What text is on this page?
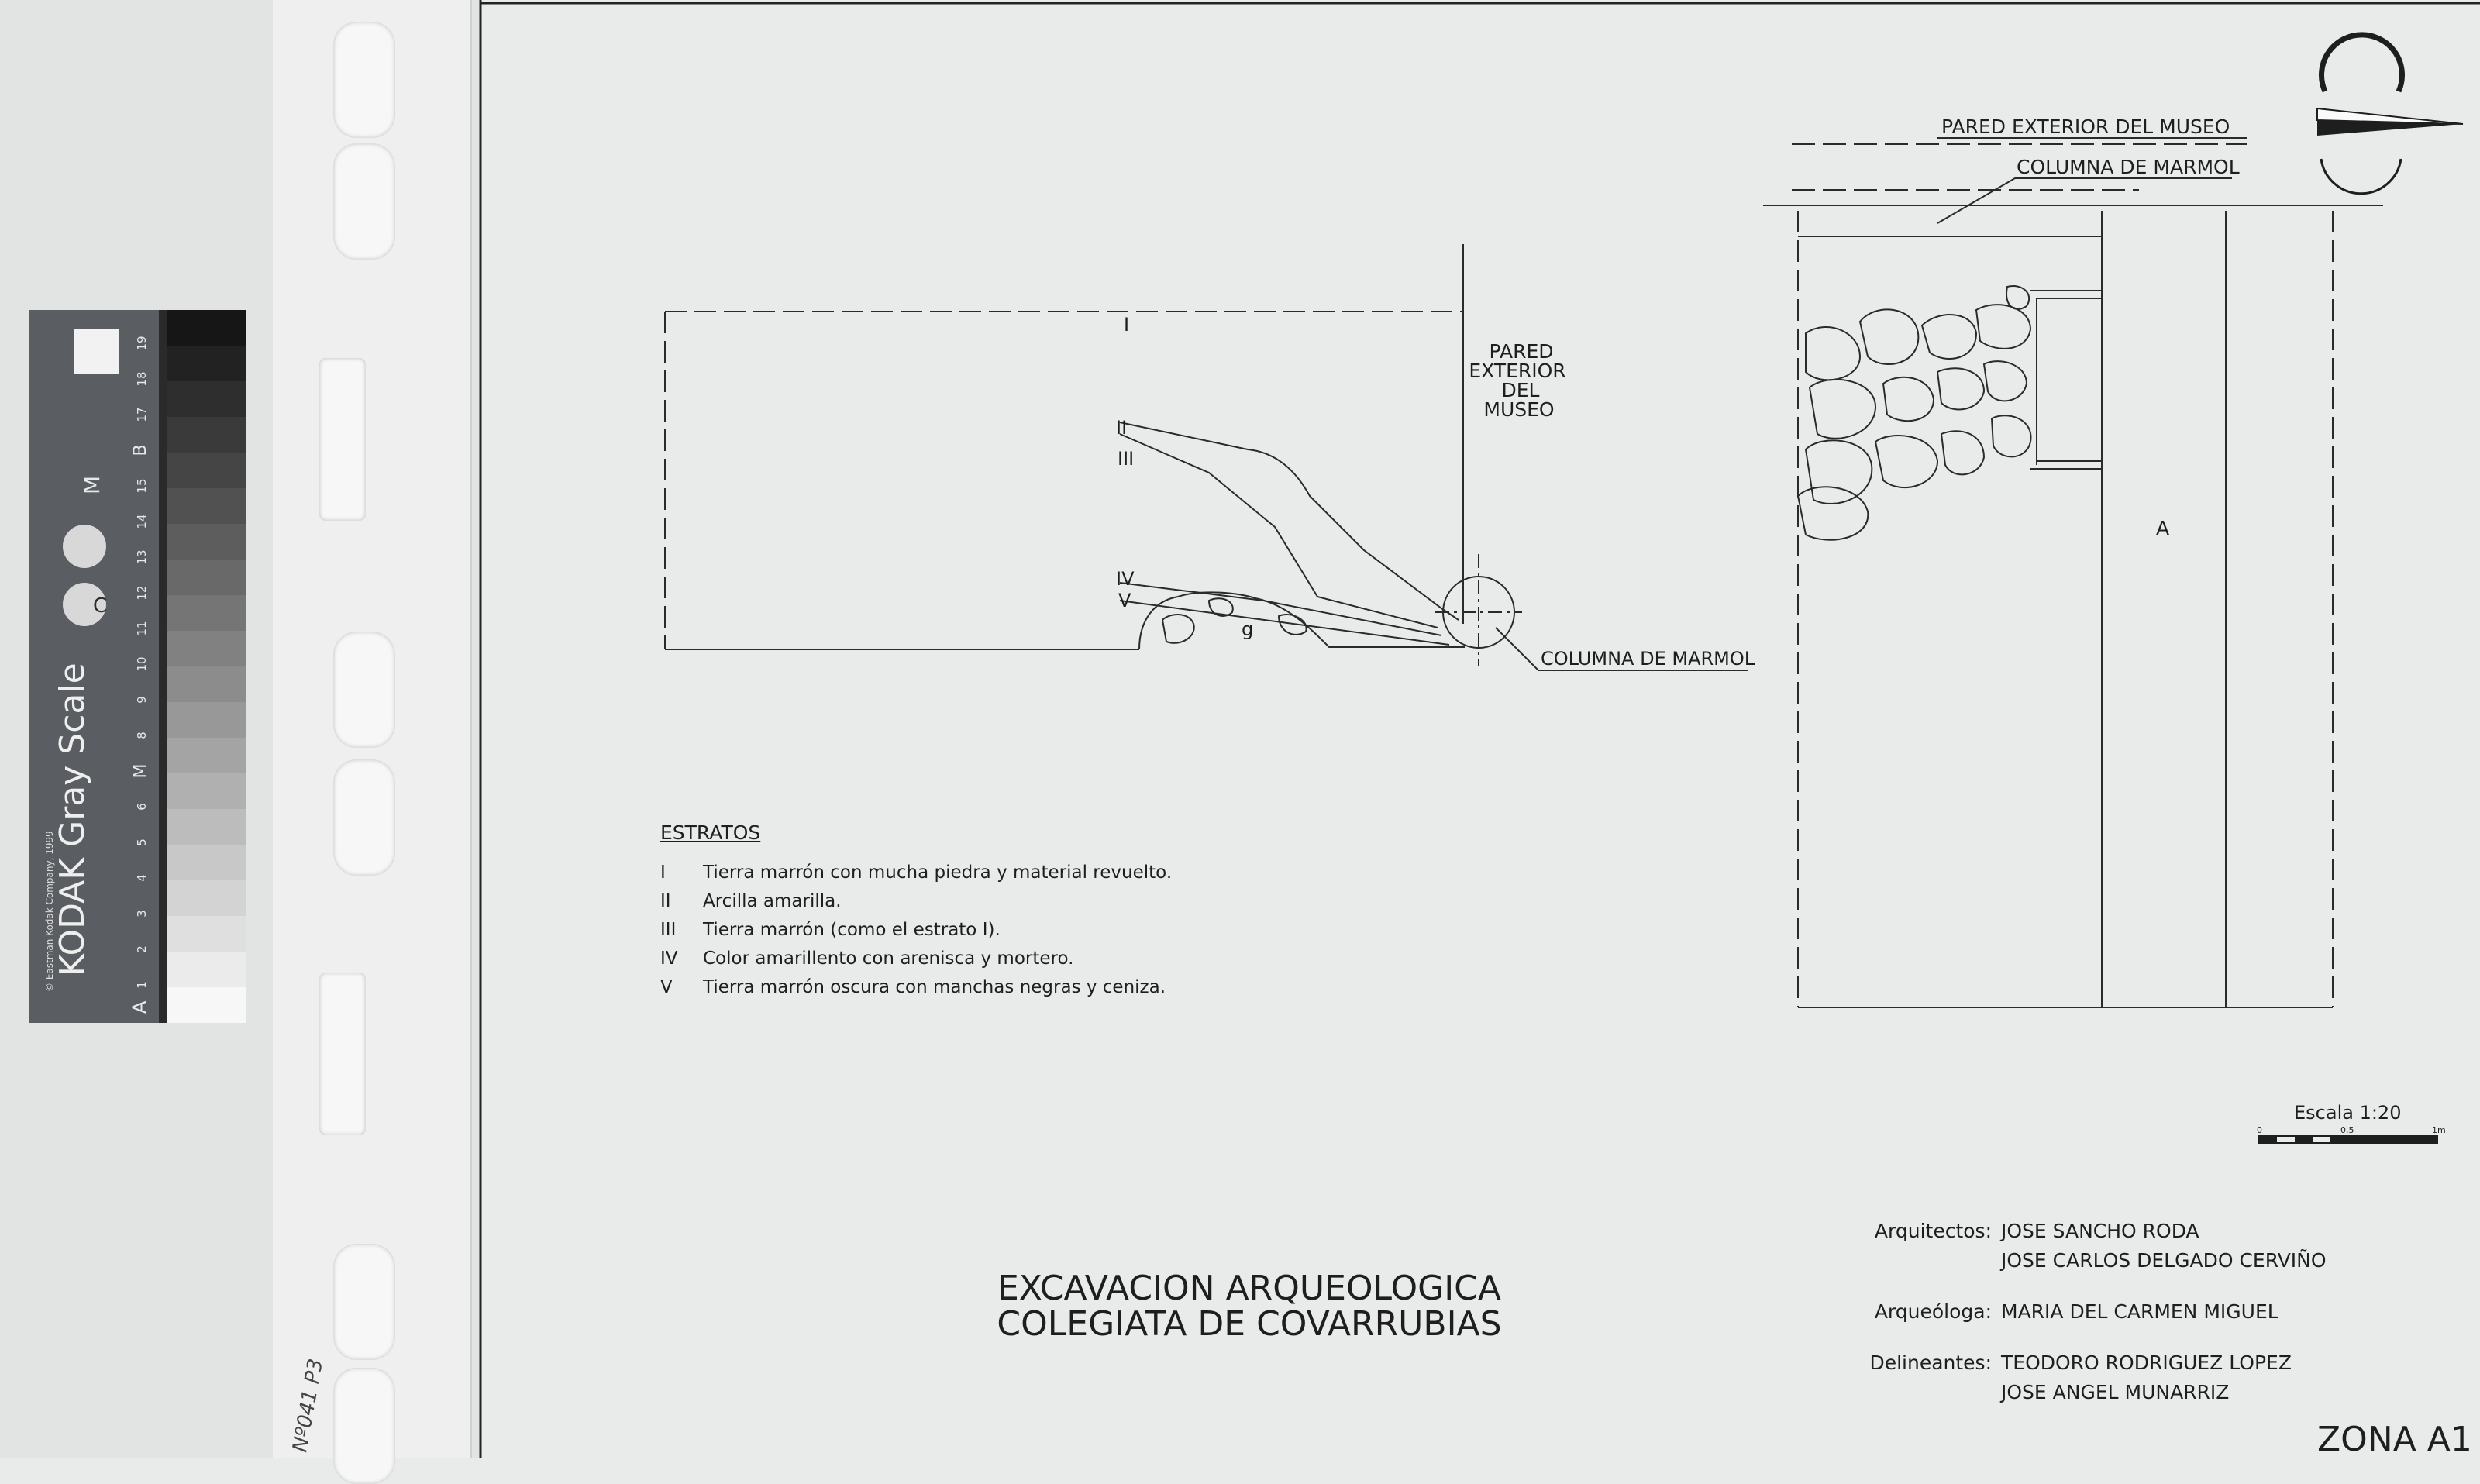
C
M
KODAK Gray Scale
© Eastman Kodak Company, 1999
19
18
17
B
15
14
13
12
11
10
9
8
M
6
5
4
3
2
1
A
Nº041 P3
I
II
III
IV
V
g
PARED
EXTERIOR
DEL
MUSEO
COLUMNA DE MARMOL
PARED EXTERIOR DEL MUSEO
COLUMNA DE MARMOL
A
0	0,5	1m
Escala 1:20
ESTRATOS
I	Tierra marrón con mucha piedra y material revuelto.
II	Arcilla amarilla.
III	Tierra marrón (como el estrato I).
IV	Color amarillento con arenisca y mortero.
V	Tierra marrón oscura con manchas negras y ceniza.
EXCAVACION ARQUEOLOGICA
COLEGIATA DE COVARRUBIAS
Arquitectos: JOSE SANCHO RODA
JOSE CARLOS DELGADO CERVIÑO
Arqueóloga: MARIA DEL CARMEN MIGUEL
Delineantes: TEODORO RODRIGUEZ LOPEZ
JOSE ANGEL MUNARRIZ
ZONA A1
